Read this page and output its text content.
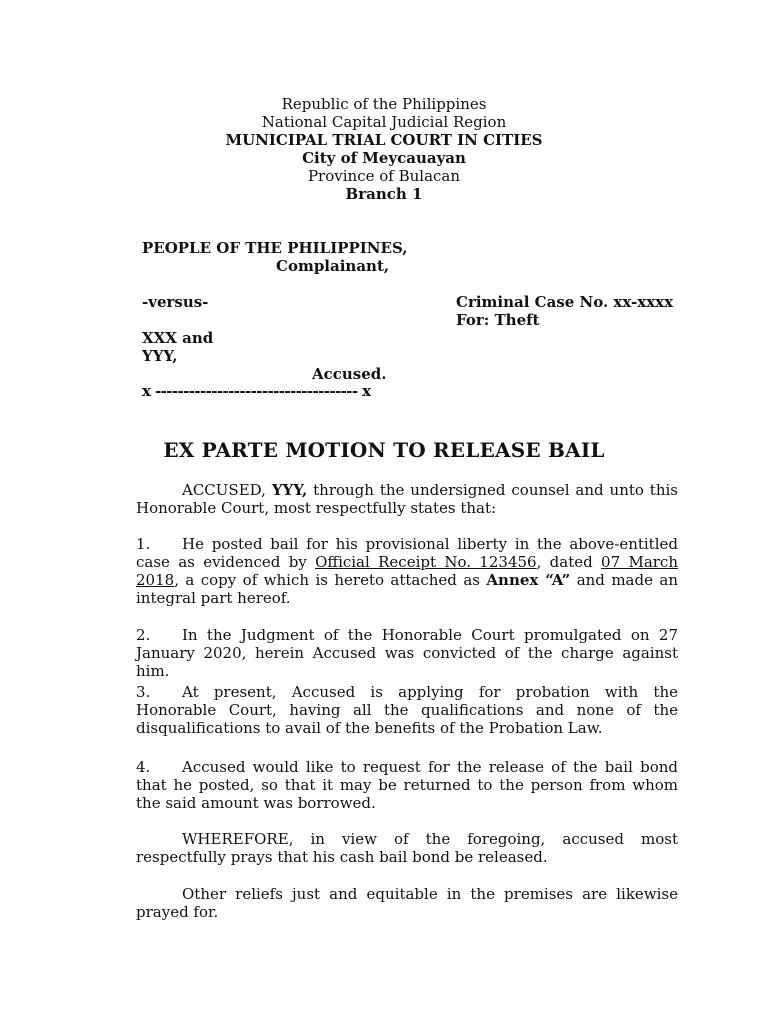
Republic of the Philippines
National Capital Judicial Region
MUNICIPAL TRIAL COURT IN CITIES
City of Meycauayan
Province of Bulacan
Branch 1
PEOPLE OF THE PHILIPPINES,
Complainant,
-versus-	Criminal Case No. xx-xxxx
For: Theft
XXX and
YYY,
Accused.
x ------------------------------------ x
EX PARTE MOTION TO RELEASE BAIL
ACCUSED, YYY, through the undersigned counsel and unto this Honorable Court, most respectfully states that:
1. He posted bail for his provisional liberty in the above-entitled case as evidenced by Official Receipt No. 123456, dated 07 March 2018, a copy of which is hereto attached as Annex “A” and made an integral part hereof.
2. In the Judgment of the Honorable Court promulgated on 27 January 2020, herein Accused was convicted of the charge against him.
3. At present, Accused is applying for probation with the Honorable Court, having all the qualifications and none of the disqualifications to avail of the benefits of the Probation Law.
4. Accused would like to request for the release of the bail bond that he posted, so that it may be returned to the person from whom the said amount was borrowed.
WHEREFORE, in view of the foregoing, accused most respectfully prays that his cash bail bond be released.
Other reliefs just and equitable in the premises are likewise prayed for.
